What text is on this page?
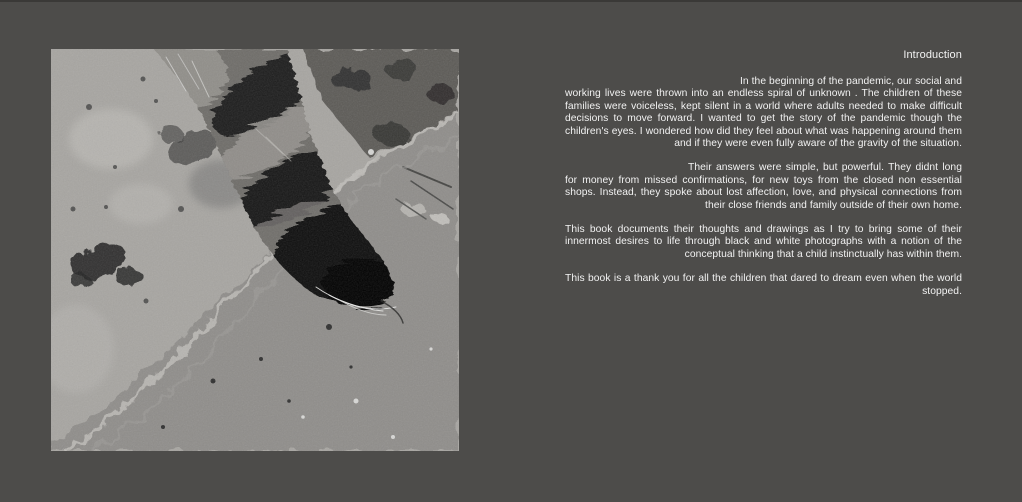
Introduction

In the beginning of the pandemic, our social and working lives were thrown into an endless spiral of unknown . The children of these families were voiceless, kept silent in a world where adults needed to make difficult decisions to move forward. I wanted to get the story of the pandemic though the children's eyes. I wondered how did they feel about what was happening around them and if they were even fully aware of the gravity of the situation.

Their answers were simple, but powerful. They didnt long for money from missed confirmations, for new toys from the closed non essential shops. Instead, they spoke about lost affection, love, and physical connections from their close friends and family outside of their own home.

This book documents their thoughts and drawings as I try to bring some of their innermost desires to life through black and white photographs with a notion of the conceptual thinking that a child instinctually has within them.

This book is a thank you for all the children that dared to dream even when the world stopped.
